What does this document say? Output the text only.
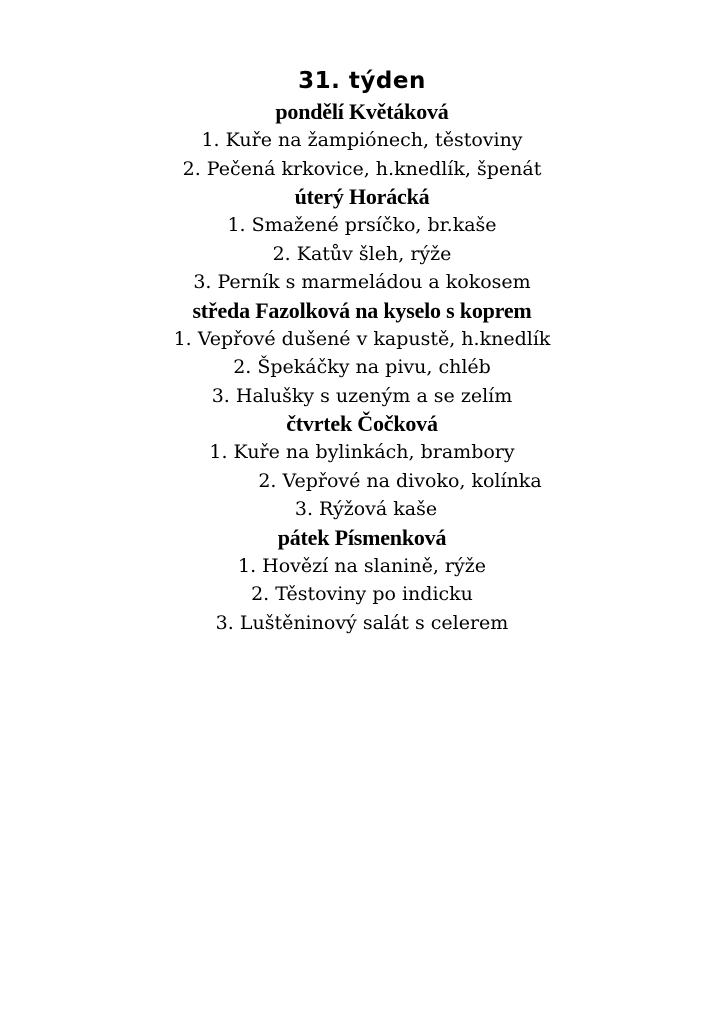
31. týden

pondělí Květáková

1. Kuře na žampiónech, těstoviny

2. Pečená krkovice, h.knedlík, špenát

úterý Horácká

1. Smažené prsíčko, br.kaše

2. Katův šleh, rýže

3. Perník s marmeládou a kokosem

středa Fazolková na kyselo s koprem

1. Vepřové dušené v kapustě, h.knedlík

2. Špekáčky na pivu, chléb

3. Halušky s uzeným a se zelím

čtvrtek Čočková

1. Kuře na bylinkách, brambory

2. Vepřové na divoko, kolínka

3. Rýžová kaše

pátek Písmenková

1. Hovězí na slanině, rýže

2. Těstoviny po indicku

3. Luštěninový salát s celerem
